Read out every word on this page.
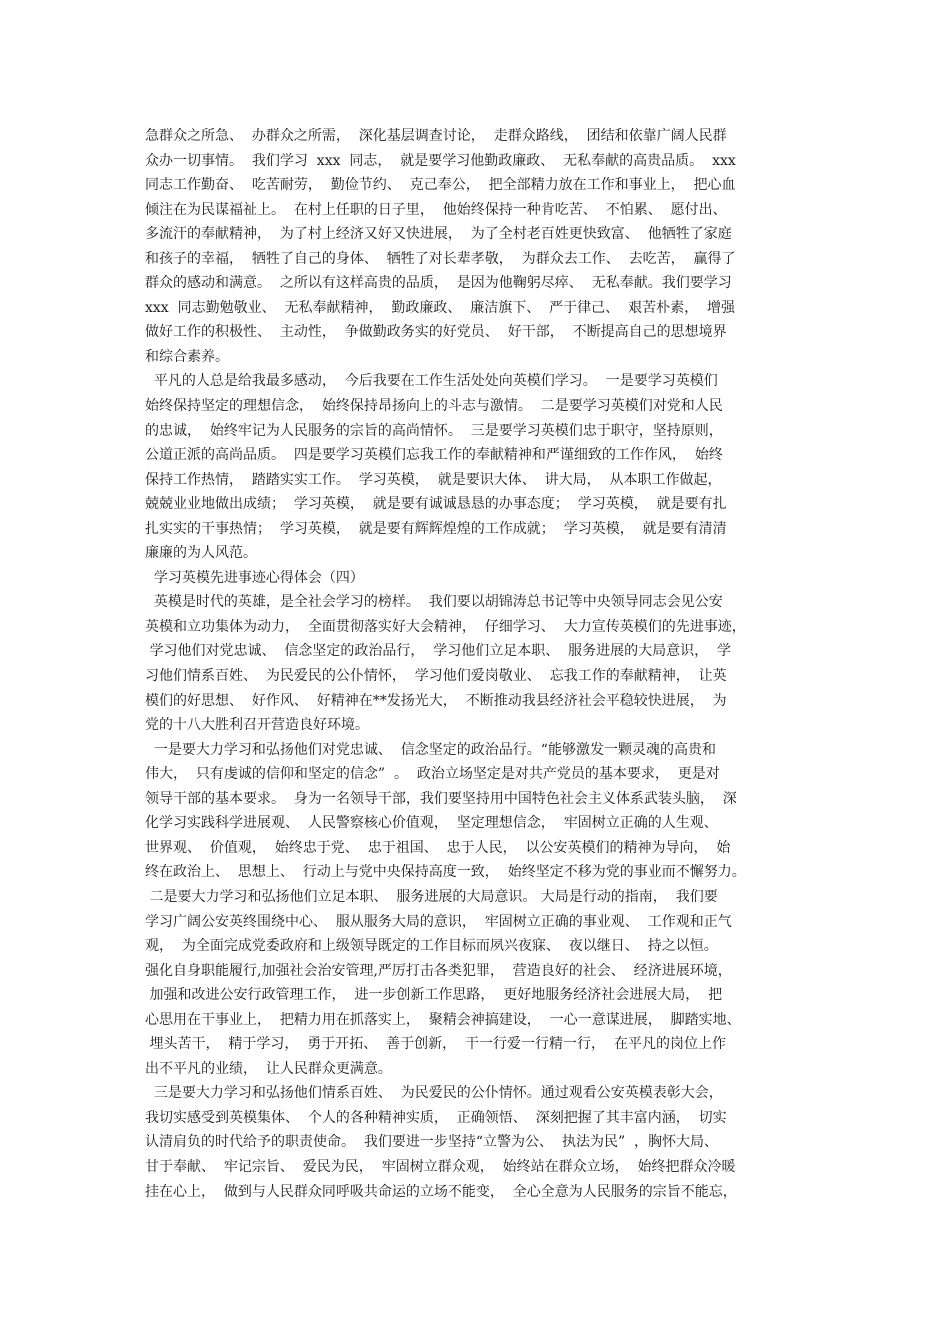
急群众之所急、  办群众之所需，  深化基层调查讨论，  走群众路线，  团结和依靠广阔人民群
众办一切事情。  我们学习  xxx  同志，  就是要学习他勤政廉政、  无私奉献的高贵品质。  xxx
同志工作勤奋、  吃苦耐劳，  勤俭节约、  克己奉公，  把全部精力放在工作和事业上，  把心血
倾注在为民谋福祉上。  在村上任职的日子里，  他始终保持一种肯吃苦、  不怕累、  愿付出、
多流汗的奉献精神，  为了村上经济又好又快进展，  为了全村老百姓更快致富、  他牺牲了家庭
和孩子的幸福，  牺牲了自己的身体、  牺牲了对长辈孝敬，  为群众去工作、  去吃苦，  赢得了
群众的感动和满意。  之所以有这样高贵的品质，  是因为他鞠躬尽瘁、  无私奉献。我们要学习
xxx  同志勤勉敬业、  无私奉献精神，  勤政廉政、  廉洁旗下、  严于律己、  艰苦朴素，  增强
做好工作的积极性、  主动性，  争做勤政务实的好党员、  好干部，  不断提高自己的思想境界
和综合素养。
平凡的人总是给我最多感动，  今后我要在工作生活处处向英模们学习。  一是要学习英模们
始终保持坚定的理想信念，  始终保持昂扬向上的斗志与激情。  二是要学习英模们对党和人民
的忠诚，  始终牢记为人民服务的宗旨的高尚情怀。  三是要学习英模们忠于职守，坚持原则，
公道正派的高尚品质。  四是要学习英模们忘我工作的奉献精神和严谨细致的工作作风，  始终
保持工作热情，  踏踏实实工作。  学习英模，  就是要识大体、  讲大局，  从本职工作做起，
兢兢业业地做出成绩；  学习英模，  就是要有诚诚恳恳的办事态度；  学习英模，  就是要有扎
扎实实的干事热情；  学习英模，  就是要有辉辉煌煌的工作成就；  学习英模，  就是要有清清
廉廉的为人风范。
学习英模先进事迹心得体会（四）
英模是时代的英雄，是全社会学习的榜样。  我们要以胡锦涛总书记等中央领导同志会见公安
英模和立功集体为动力，  全面贯彻落实好大会精神，  仔细学习、  大力宣传英模们的先进事迹，
学习他们对党忠诚、  信念坚定的政治品行，  学习他们立足本职、  服务进展的大局意识，  学
习他们情系百姓、  为民爱民的公仆情怀，  学习他们爱岗敬业、  忘我工作的奉献精神，  让英
模们的好思想、  好作风、  好精神在**发扬光大，  不断推动我县经济社会平稳较快进展，  为
党的十八大胜利召开营造良好环境。
一是要大力学习和弘扬他们对党忠诚、  信念坚定的政治品行。“能够激发一颗灵魂的高贵和
伟大，  只有虔诚的信仰和坚定的信念”  。  政治立场坚定是对共产党员的基本要求，  更是对
领导干部的基本要求。  身为一名领导干部，我们要坚持用中国特色社会主义体系武装头脑，  深
化学习实践科学进展观、  人民警察核心价值观，  坚定理想信念，  牢固树立正确的人生观、
世界观、  价值观，  始终忠于党、  忠于祖国、  忠于人民，  以公安英模们的精神为导向，  始
终在政治上、  思想上、  行动上与党中央保持高度一致，  始终坚定不移为党的事业而不懈努力。
二是要大力学习和弘扬他们立足本职、  服务进展的大局意识。 大局是行动的指南，  我们要
学习广阔公安英终围绕中心、  服从服务大局的意识，  牢固树立正确的事业观、  工作观和正气
观，  为全面完成党委政府和上级领导既定的工作目标而夙兴夜寐、  夜以继日、  持之以恒。
强化自身职能履行,加强社会治安管理,严厉打击各类犯罪，  营造良好的社会、  经济进展环境，
加强和改进公安行政管理工作，  进一步创新工作思路，  更好地服务经济社会进展大局，  把
心思用在干事业上，  把精力用在抓落实上，  聚精会神搞建设，  一心一意谋进展，  脚踏实地、
埋头苦干，  精于学习，  勇于开拓、  善于创新，  干一行爱一行精一行，  在平凡的岗位上作
出不平凡的业绩，  让人民群众更满意。
三是要大力学习和弘扬他们情系百姓、  为民爱民的公仆情怀。通过观看公安英模表彰大会，
我切实感受到英模集体、  个人的各种精神实质，  正确领悟、  深刻把握了其丰富内涵，  切实
认清肩负的时代给予的职责使命。  我们要进一步坚持“立警为公、  执法为民”  ，胸怀大局、
甘于奉献、  牢记宗旨、  爱民为民，  牢固树立群众观，  始终站在群众立场，  始终把群众冷暖
挂在心上，  做到与人民群众同呼吸共命运的立场不能变，  全心全意为人民服务的宗旨不能忘，
